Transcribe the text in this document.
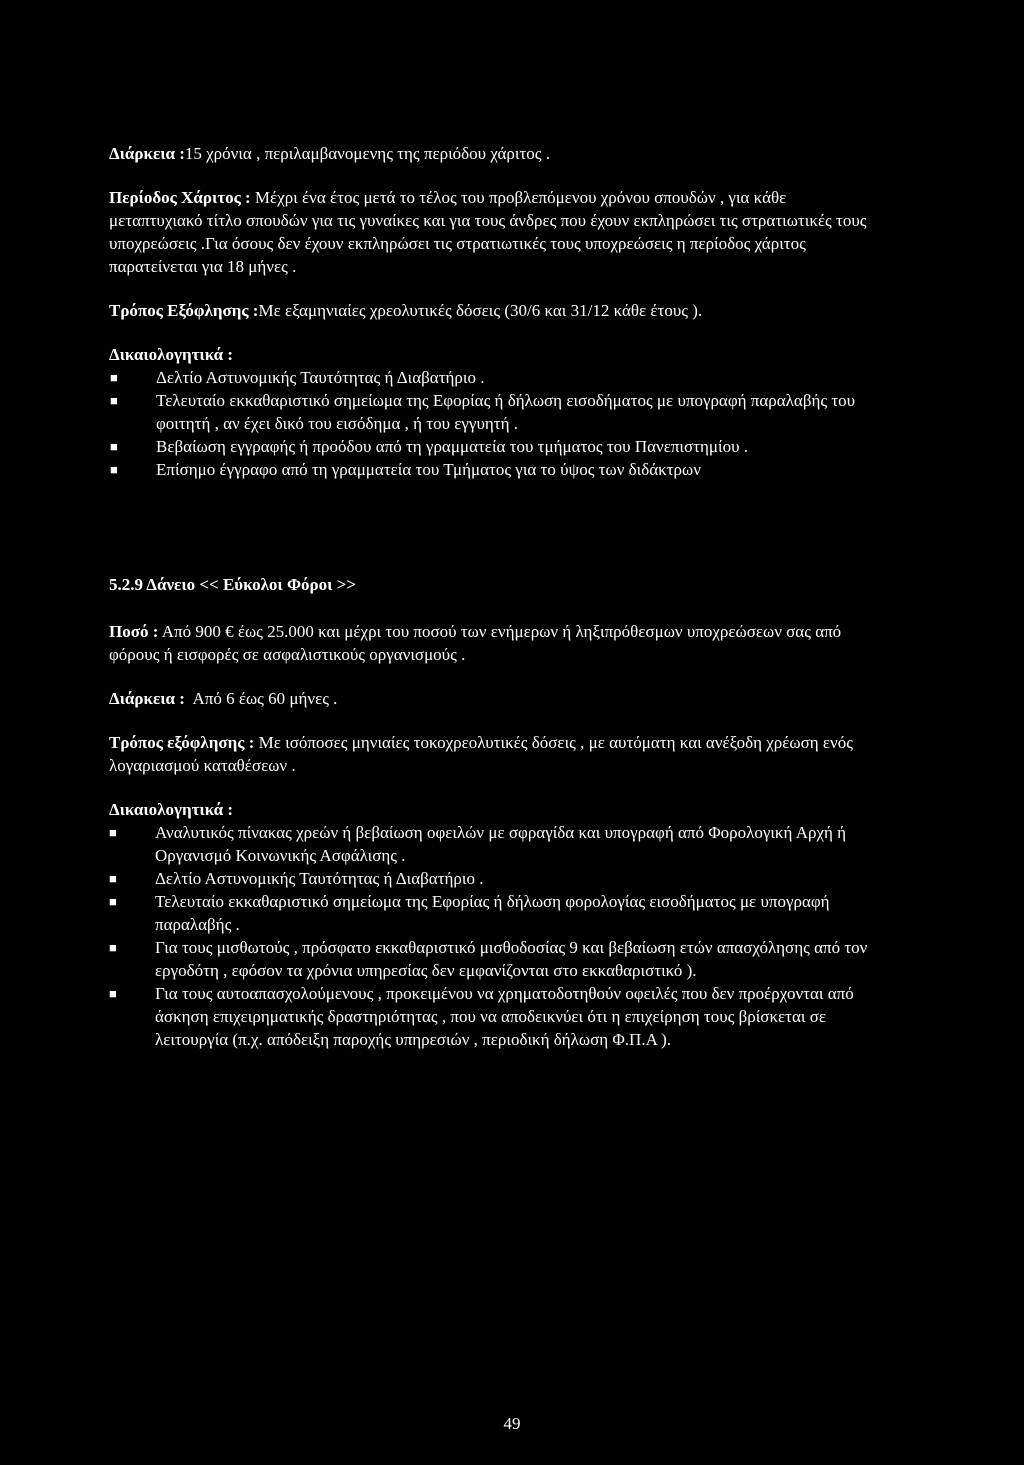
Διάρκεια :15 χρόνια , περιλαμβανομενης της περιόδου χάριτος .

Περίοδος Χάριτος : Μέχρι ένα έτος μετά το τέλος του προβλεπόμενου χρόνου σπουδών , για κάθε μεταπτυχιακό τίτλο σπουδών για τις γυναίκες και για τους άνδρες που έχουν εκπληρώσει τις στρατιωτικές τους υποχρεώσεις .Για όσους δεν έχουν εκπληρώσει τις στρατιωτικές τους υποχρεώσεις η περίοδος χάριτος παρατείνεται για 18 μήνες .

Τρόπος Εξόφλησης :Με εξαμηνιαίες χρεολυτικές δόσεις (30/6 και 31/12 κάθε έτους ).

Δικαιολογητικά :

■	Δελτίο Αστυνομικής Ταυτότητας ή Διαβατήριο .
■	Τελευταίο εκκαθαριστικό σημείωμα της Εφορίας ή δήλωση εισοδήματος με υπογραφή παραλαβής του φοιτητή , αν έχει δικό του εισόδημα , ή του εγγυητή .
■	Βεβαίωση εγγραφής ή προόδου από τη γραμματεία του τμήματος του Πανεπιστημίου .
■	Επίσημο έγγραφο από τη γραμματεία του Τμήματος για το ύψος των διδάκτρων

5.2.9 Δάνειο << Εύκολοι Φόροι >>

Ποσό : Από 900 € έως 25.000 και μέχρι του ποσού των ενήμερων ή ληξιπρόθεσμων υποχρεώσεων σας από φόρους ή εισφορές σε ασφαλιστικούς οργανισμούς .

Διάρκεια :  Από 6 έως 60 μήνες .

Τρόπος εξόφλησης : Με ισόποσες μηνιαίες τοκοχρεολυτικές δόσεις , με αυτόματη και ανέξοδη χρέωση ενός λογαριασμού καταθέσεων .

Δικαιολογητικά :

■	Αναλυτικός πίνακας χρεών ή βεβαίωση οφειλών με σφραγίδα και υπογραφή από Φορολογική Αρχή ή Οργανισμό Κοινωνικής Ασφάλισης .
■	Δελτίο Αστυνομικής Ταυτότητας ή Διαβατήριο .
■	Τελευταίο εκκαθαριστικό σημείωμα της Εφορίας ή δήλωση φορολογίας εισοδήματος με υπογραφή παραλαβής .
■	Για τους μισθωτούς , πρόσφατο εκκαθαριστικό μισθοδοσίας 9 και βεβαίωση ετών απασχόλησης από τον εργοδότη , εφόσον τα χρόνια υπηρεσίας δεν εμφανίζονται στο εκκαθαριστικό ).
■	Για τους αυτοαπασχολούμενους , προκειμένου να χρηματοδοτηθούν οφειλές που δεν προέρχονται από άσκηση επιχειρηματικής δραστηριότητας , που να αποδεικνύει ότι η επιχείρηση τους βρίσκεται σε λειτουργία (π.χ. απόδειξη παροχής υπηρεσιών , περιοδική δήλωση Φ.Π.Α ).
49
